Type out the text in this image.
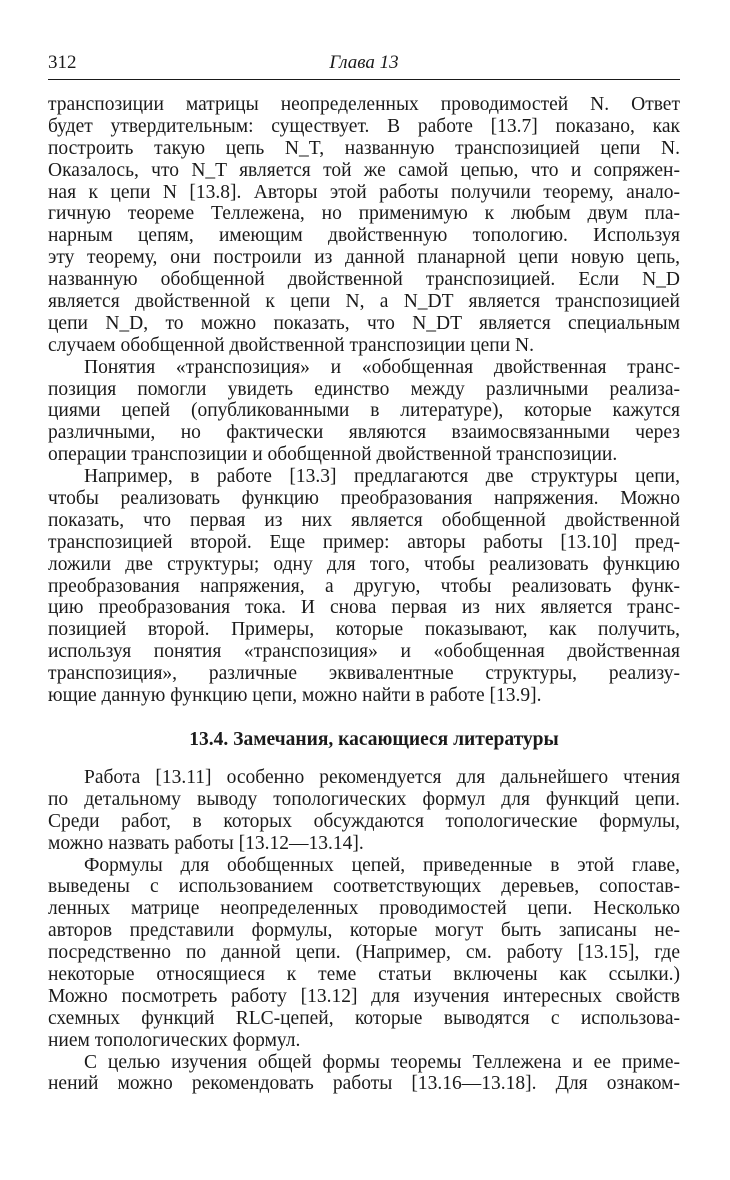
312	Глава 13
транспозиции матрицы неопределенных проводимостей N. Ответ
будет утвердительным: существует. В работе [13.7] показано, как
построить такую цепь N_T, названную транспозицией цепи N.
Оказалось, что N_T является той же самой цепью, что и сопряжен-
ная к цепи N [13.8]. Авторы этой работы получили теорему, анало-
гичную теореме Теллежена, но применимую к любым двум пла-
нарным цепям, имеющим двойственную топологию. Используя
эту теорему, они построили из данной планарной цепи новую цепь,
названную обобщенной двойственной транспозицией. Если N_D
является двойственной к цепи N, а N_DT является транспозицией
цепи N_D, то можно показать, что N_DT является специальным
случаем обобщенной двойственной транспозиции цепи N.
Понятия «транспозиция» и «обобщенная двойственная транс-
позиция помогли увидеть единство между различными реализа-
циями цепей (опубликованными в литературе), которые кажутся
различными, но фактически являются взаимосвязанными через
операции транспозиции и обобщенной двойственной транспозиции.
Например, в работе [13.3] предлагаются две структуры цепи,
чтобы реализовать функцию преобразования напряжения. Можно
показать, что первая из них является обобщенной двойственной
транспозицией второй. Еще пример: авторы работы [13.10] пред-
ложили две структуры; одну для того, чтобы реализовать функцию
преобразования напряжения, а другую, чтобы реализовать функ-
цию преобразования тока. И снова первая из них является транс-
позицией второй. Примеры, которые показывают, как получить,
используя понятия «транспозиция» и «обобщенная двойственная
транспозиция», различные эквивалентные структуры, реализу-
ющие данную функцию цепи, можно найти в работе [13.9].
13.4. Замечания, касающиеся литературы
Работа [13.11] особенно рекомендуется для дальнейшего чтения
по детальному выводу топологических формул для функций цепи.
Среди работ, в которых обсуждаются топологические формулы,
можно назвать работы [13.12—13.14].
Формулы для обобщенных цепей, приведенные в этой главе,
выведены с использованием соответствующих деревьев, сопостав-
ленных матрице неопределенных проводимостей цепи. Несколько
авторов представили формулы, которые могут быть записаны не-
посредственно по данной цепи. (Например, см. работу [13.15], где
некоторые относящиеся к теме статьи включены как ссылки.)
Можно посмотреть работу [13.12] для изучения интересных свойств
схемных функций RLC-цепей, которые выводятся с использова-
нием топологических формул.
С целью изучения общей формы теоремы Теллежена и ее приме-
нений можно рекомендовать работы [13.16—13.18]. Для ознаком-
